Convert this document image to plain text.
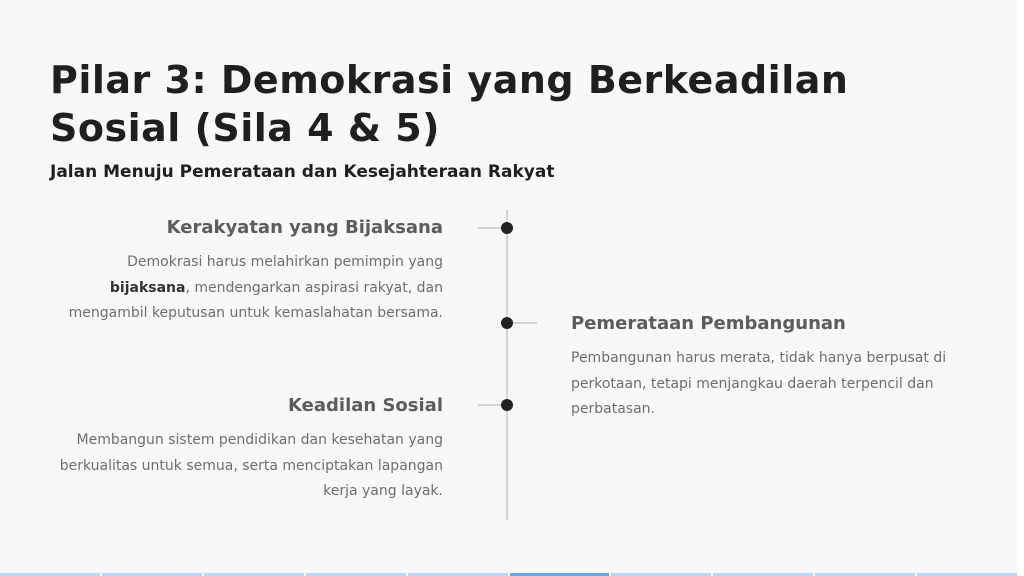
Pilar 3: Demokrasi yang Berkeadilan Sosial (Sila 4 & 5)
Jalan Menuju Pemerataan dan Kesejahteraan Rakyat
Kerakyatan yang Bijaksana

Demokrasi harus melahirkan pemimpin yang
bijaksana, mendengarkan aspirasi rakyat, dan mengambil keputusan untuk kemaslahatan bersama.	Pemerataan Pembangunan

Pembangunan harus merata, tidak hanya berpusat di perkotaan, tetapi menjangkau daerah terpencil dan perbatasan.

Keadilan Sosial

Membangun sistem pendidikan dan kesehatan yang berkualitas untuk semua, serta menciptakan lapangan kerja yang layak.
